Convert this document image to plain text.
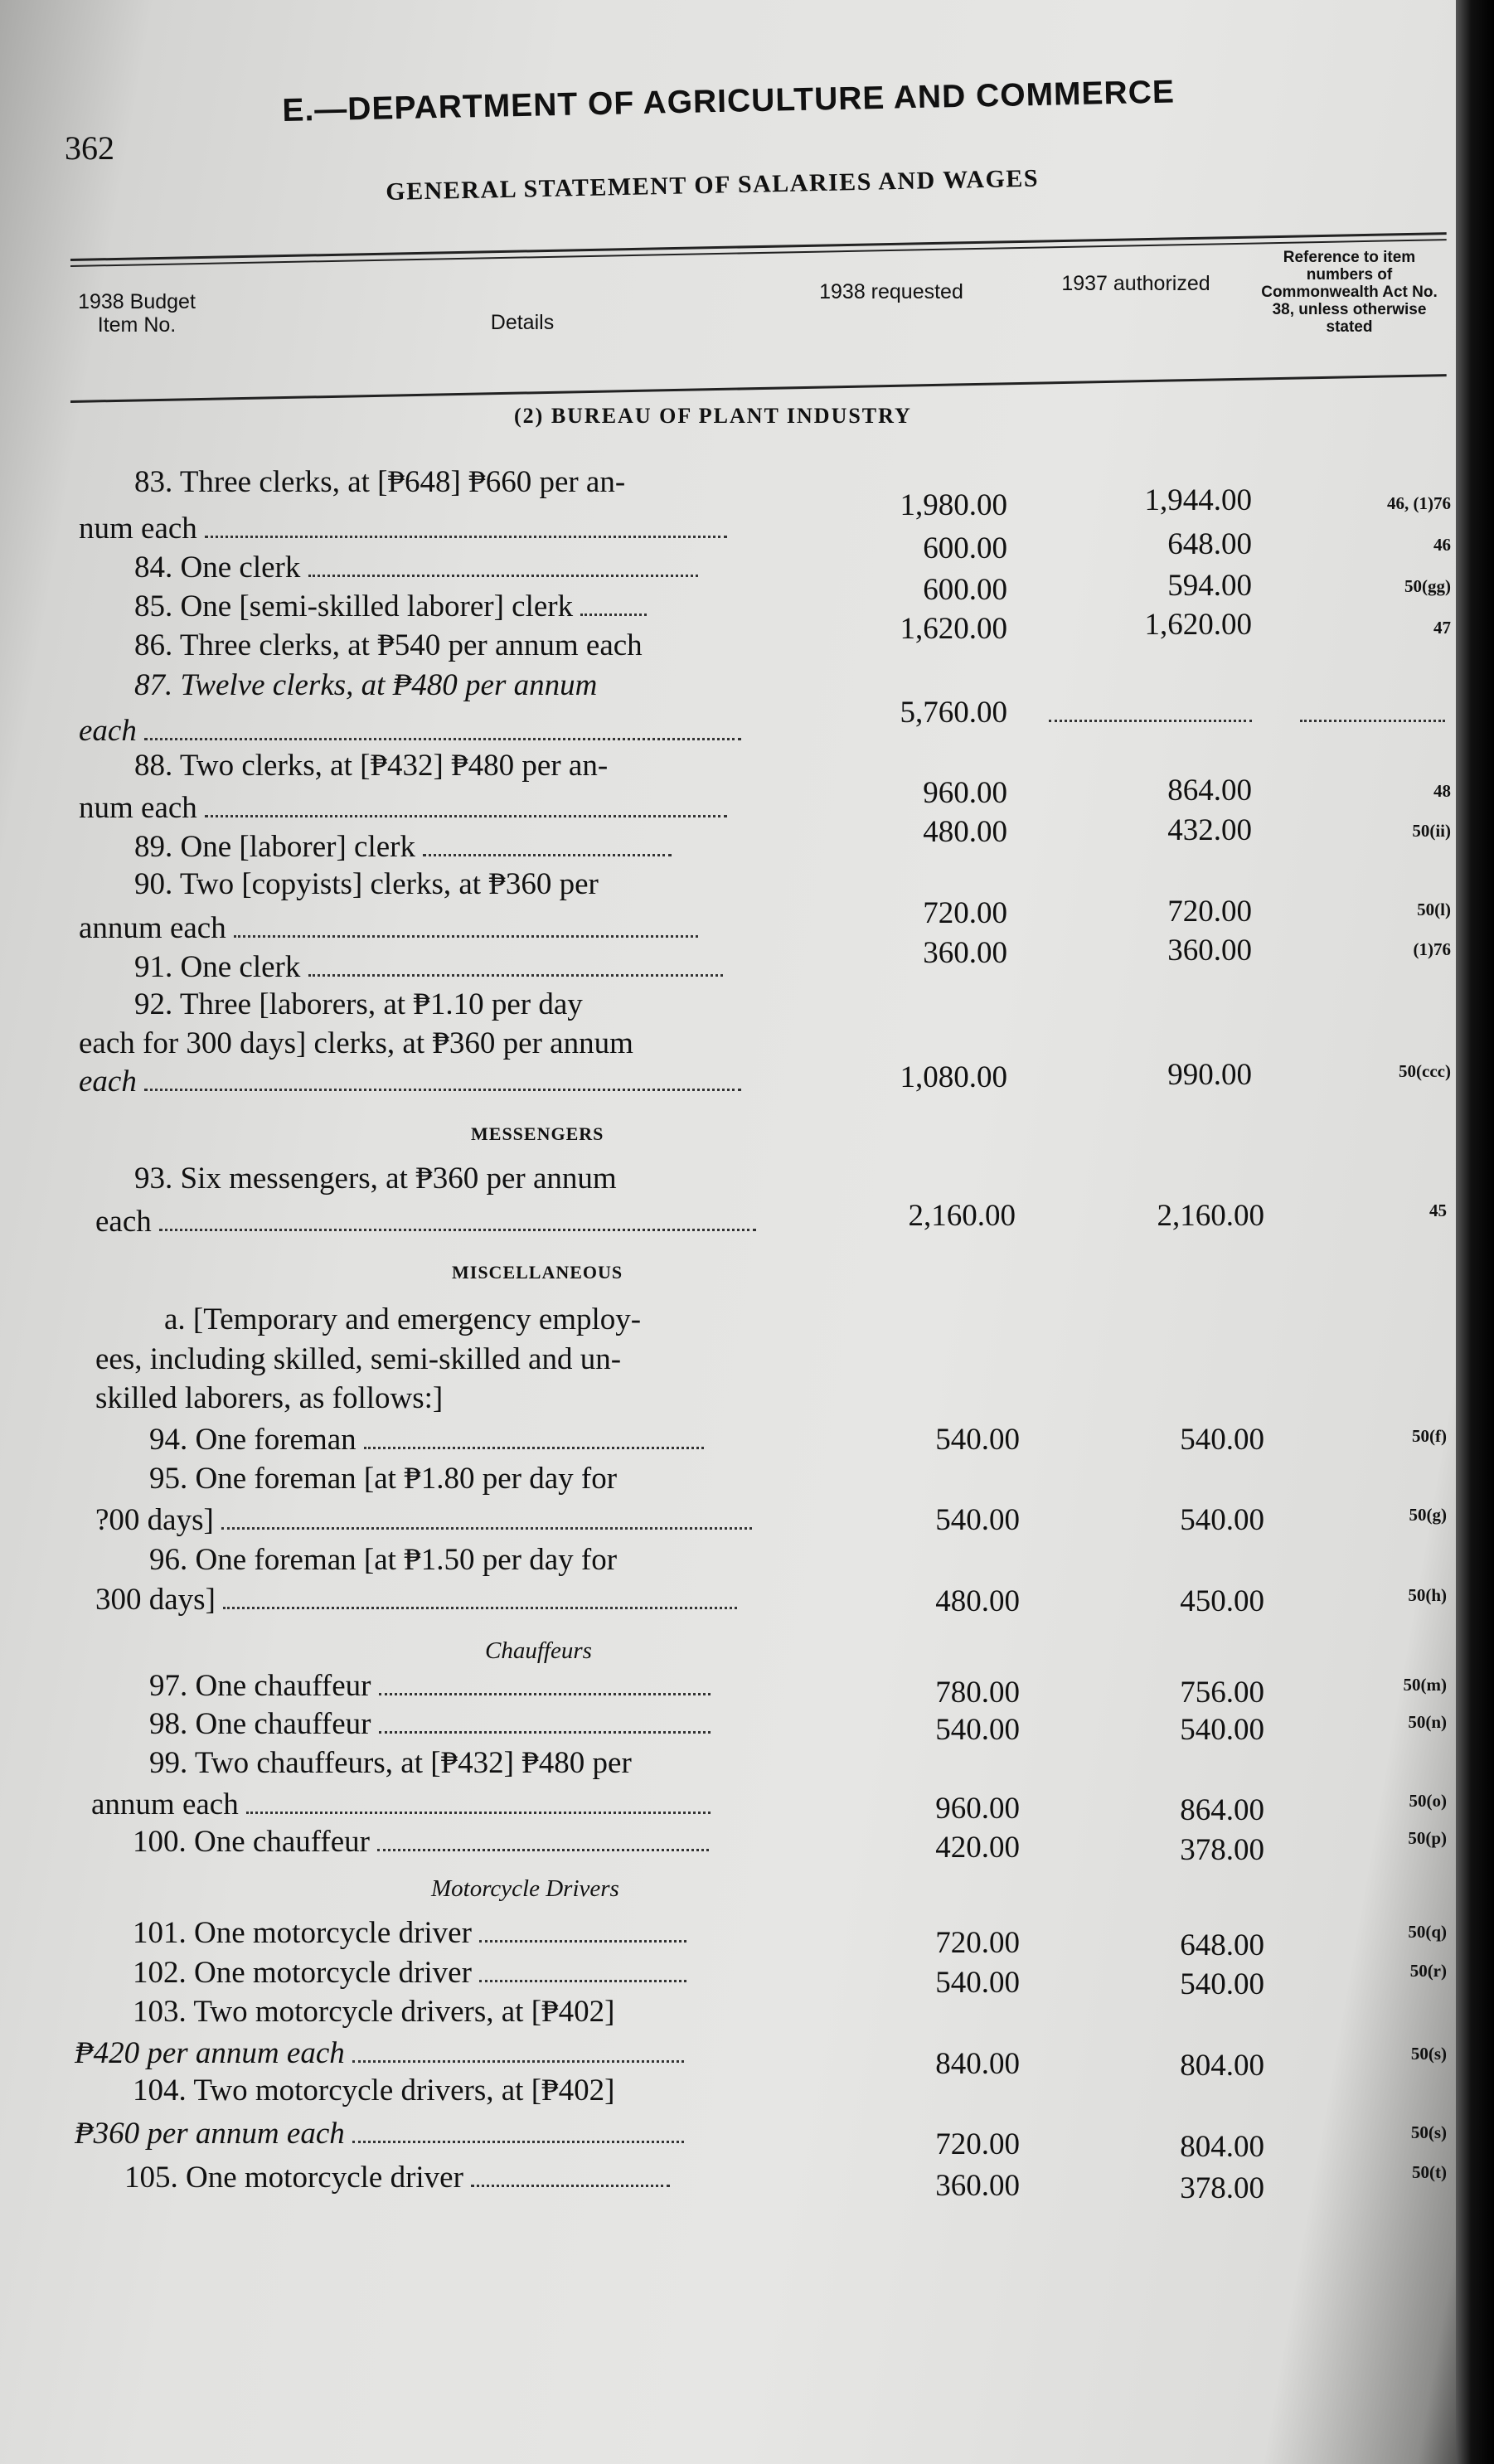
362
E.—DEPARTMENT OF AGRICULTURE AND COMMERCE
GENERAL STATEMENT OF SALARIES AND WAGES
1938 Budget Item No.	Details
1938 requested	1937 authorized
Reference to item numbers of Commonwealth Act No. 38, unless otherwise stated
(2) BUREAU OF PLANT INDUSTRY
83. Three clerks, at [₱648] ₱660 per an-
num each
1,980.00	1,944.00	46, (1)76
84. One clerk
600.00	648.00	46
85. One [semi-skilled laborer] clerk	600.00	594.00	50(gg)
86. Three clerks, at ₱540 per annum each	1,620.00	1,620.00	47
87. Twelve clerks, at ₱480 per annum
each
5,760.00
88. Two clerks, at [₱432] ₱480 per an-
num each	960.00	864.00	48
89. One [laborer] clerk	480.00	432.00	50(ii)
90. Two [copyists] clerks, at ₱360 per
annum each	720.00	720.00	50(l)
91. One clerk	360.00	360.00	(1)76
92. Three [laborers, at ₱1.10 per day
each for 300 days] clerks, at ₱360 per annum
each	1,080.00	990.00	50(ccc)
MESSENGERS
93. Six messengers, at ₱360 per annum
each	2,160.00	2,160.00	45
MISCELLANEOUS
a. [Temporary and emergency employ-
ees, including skilled, semi-skilled and un-
skilled laborers, as follows:]
94. One foreman	540.00	540.00	50(f)
95. One foreman [at ₱1.80 per day for
?00 days]	540.00	540.00	50(g)
96. One foreman [at ₱1.50 per day for
300 days]	480.00	450.00	50(h)
Chauffeurs
97. One chauffeur	780.00	756.00	50(m)
98. One chauffeur	540.00	540.00	50(n)
99. Two chauffeurs, at [₱432] ₱480 per
annum each	960.00	864.00	50(o)
100. One chauffeur	420.00	378.00	50(p)
Motorcycle Drivers
101. One motorcycle driver	720.00	648.00	50(q)
102. One motorcycle driver	540.00	540.00	50(r)
103. Two motorcycle drivers, at [₱402]
₱420 per annum each	840.00	804.00	50(s)
104. Two motorcycle drivers, at [₱402]
₱360 per annum each	720.00	804.00	50(s)
105. One motorcycle driver	360.00	378.00	50(t)
